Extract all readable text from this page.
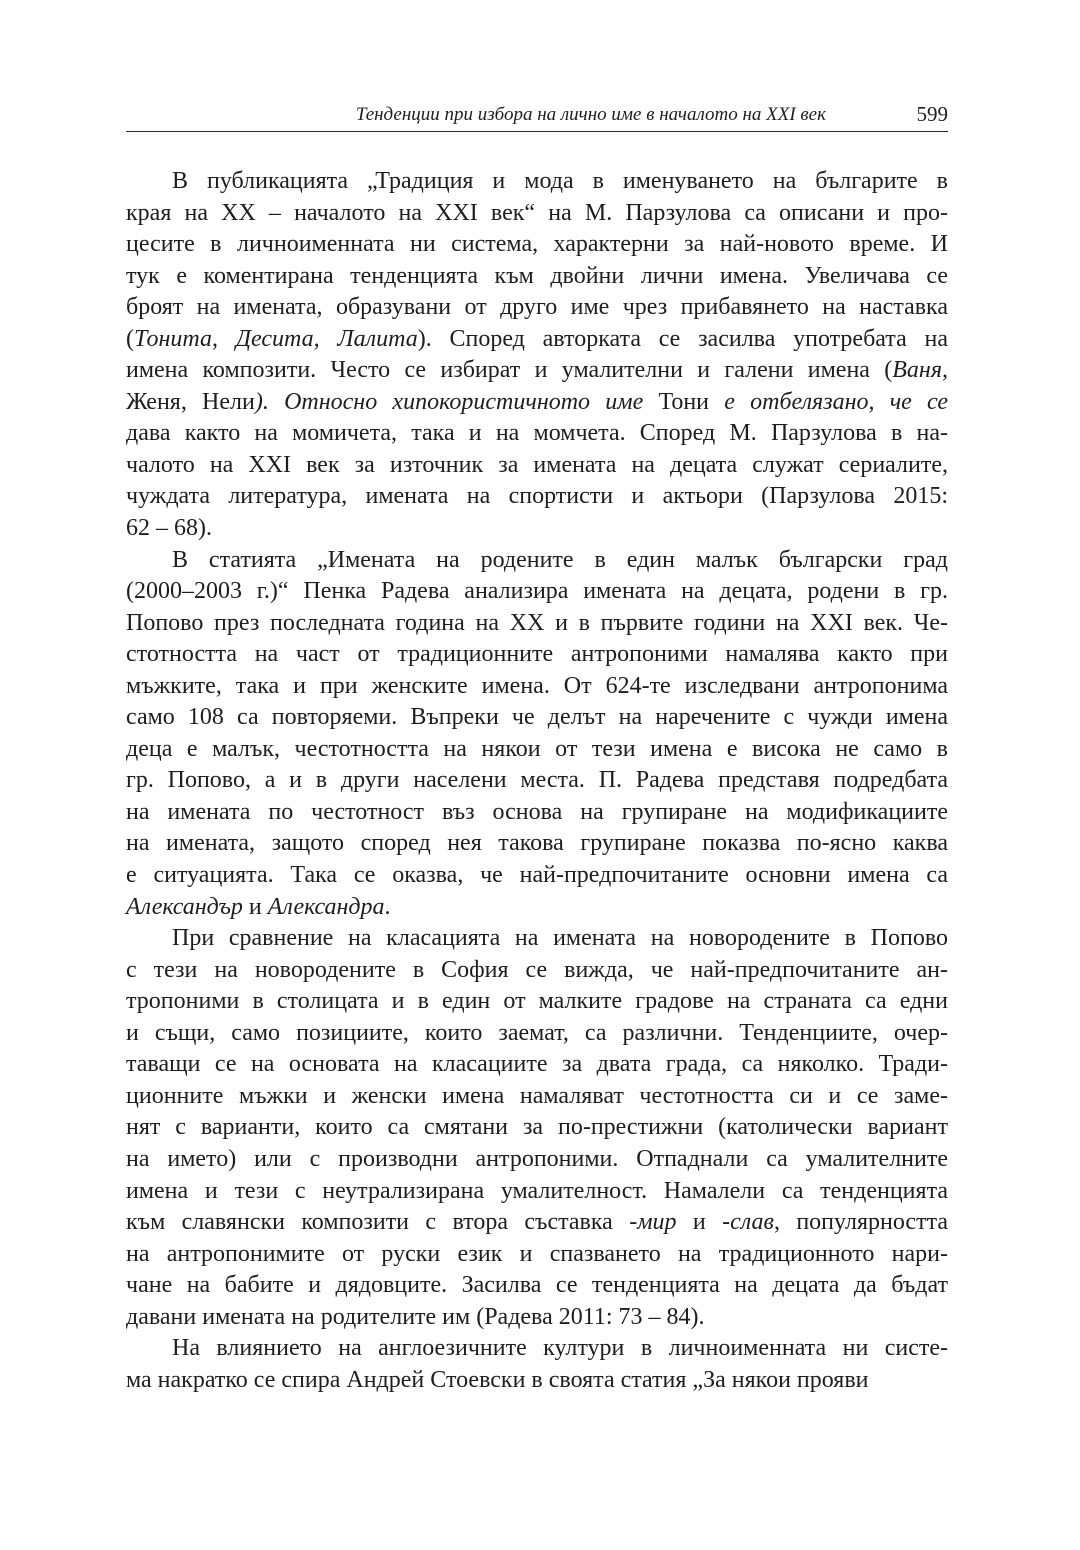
Тенденции при избора на лично име в началото на XXI век	599
В публикацията „Традиция и мода в именуването на българите в
края на XX – началото на XXI век“ на М. Парзулова са описани и про-
цесите в личноименната ни система, характерни за най-новото време. И
тук е коментирана тенденцията към двойни лични имена. Увеличава се
броят на имената, образувани от друго име чрез прибавянето на наставка
(Тонита, Десита, Лалита). Според авторката се засилва употребата на
имена композити. Често се избират и умалителни и галени имена (Ваня,
Женя, Нели). Относно хипокористичното име Тони е отбелязано, че се
дава както на момичета, така и на момчета. Според М. Парзулова в на-
чалото на XXI век за източник за имената на децата служат сериалите,
чуждата литература, имената на спортисти и актьори (Парзулова 2015:
62 – 68).
В статията „Имената на родените в един малък български град
(2000–2003 г.)“ Пенка Радева анализира имената на децата, родени в гр.
Попово през последната година на XX и в първите години на XXI век. Че-
стотността на част от традиционните антропоними намалява както при
мъжките, така и при женските имена. От 624-те изследвани антропонима
само 108 са повторяеми. Въпреки че делът на наречените с чужди имена
деца е малък, честотността на някои от тези имена е висока не само в
гр. Попово, а и в други населени места. П. Радева представя подредбата
на имената по честотност въз основа на групиране на модификациите
на имената, защото според нея такова групиране показва по-ясно каква
е ситуацията. Така се оказва, че най-предпочитаните основни имена са
Александър и Александра.
При сравнение на класацията на имената на новородените в Попово
с тези на новородените в София се вижда, че най-предпочитаните ан-
тропоними в столицата и в един от малките градове на страната са едни
и същи, само позициите, които заемат, са различни. Тенденциите, очер-
таващи се на основата на класациите за двата града, са няколко. Тради-
ционните мъжки и женски имена намаляват честотността си и се заме-
нят с варианти, които са смятани за по-престижни (католически вариант
на името) или с производни антропоними. Отпаднали са умалителните
имена и тези с неутрализирана умалителност. Намалели са тенденцията
към славянски композити с втора съставка -мир и -слав, популярността
на антропонимите от руски език и спазването на традиционното нари-
чане на бабите и дядовците. Засилва се тенденцията на децата да бъдат
давани имената на родителите им (Радева 2011: 73 – 84).
На влиянието на англоезичните култури в личноименната ни систе-
ма накратко се спира Андрей Стоевски в своята статия „За някои прояви
